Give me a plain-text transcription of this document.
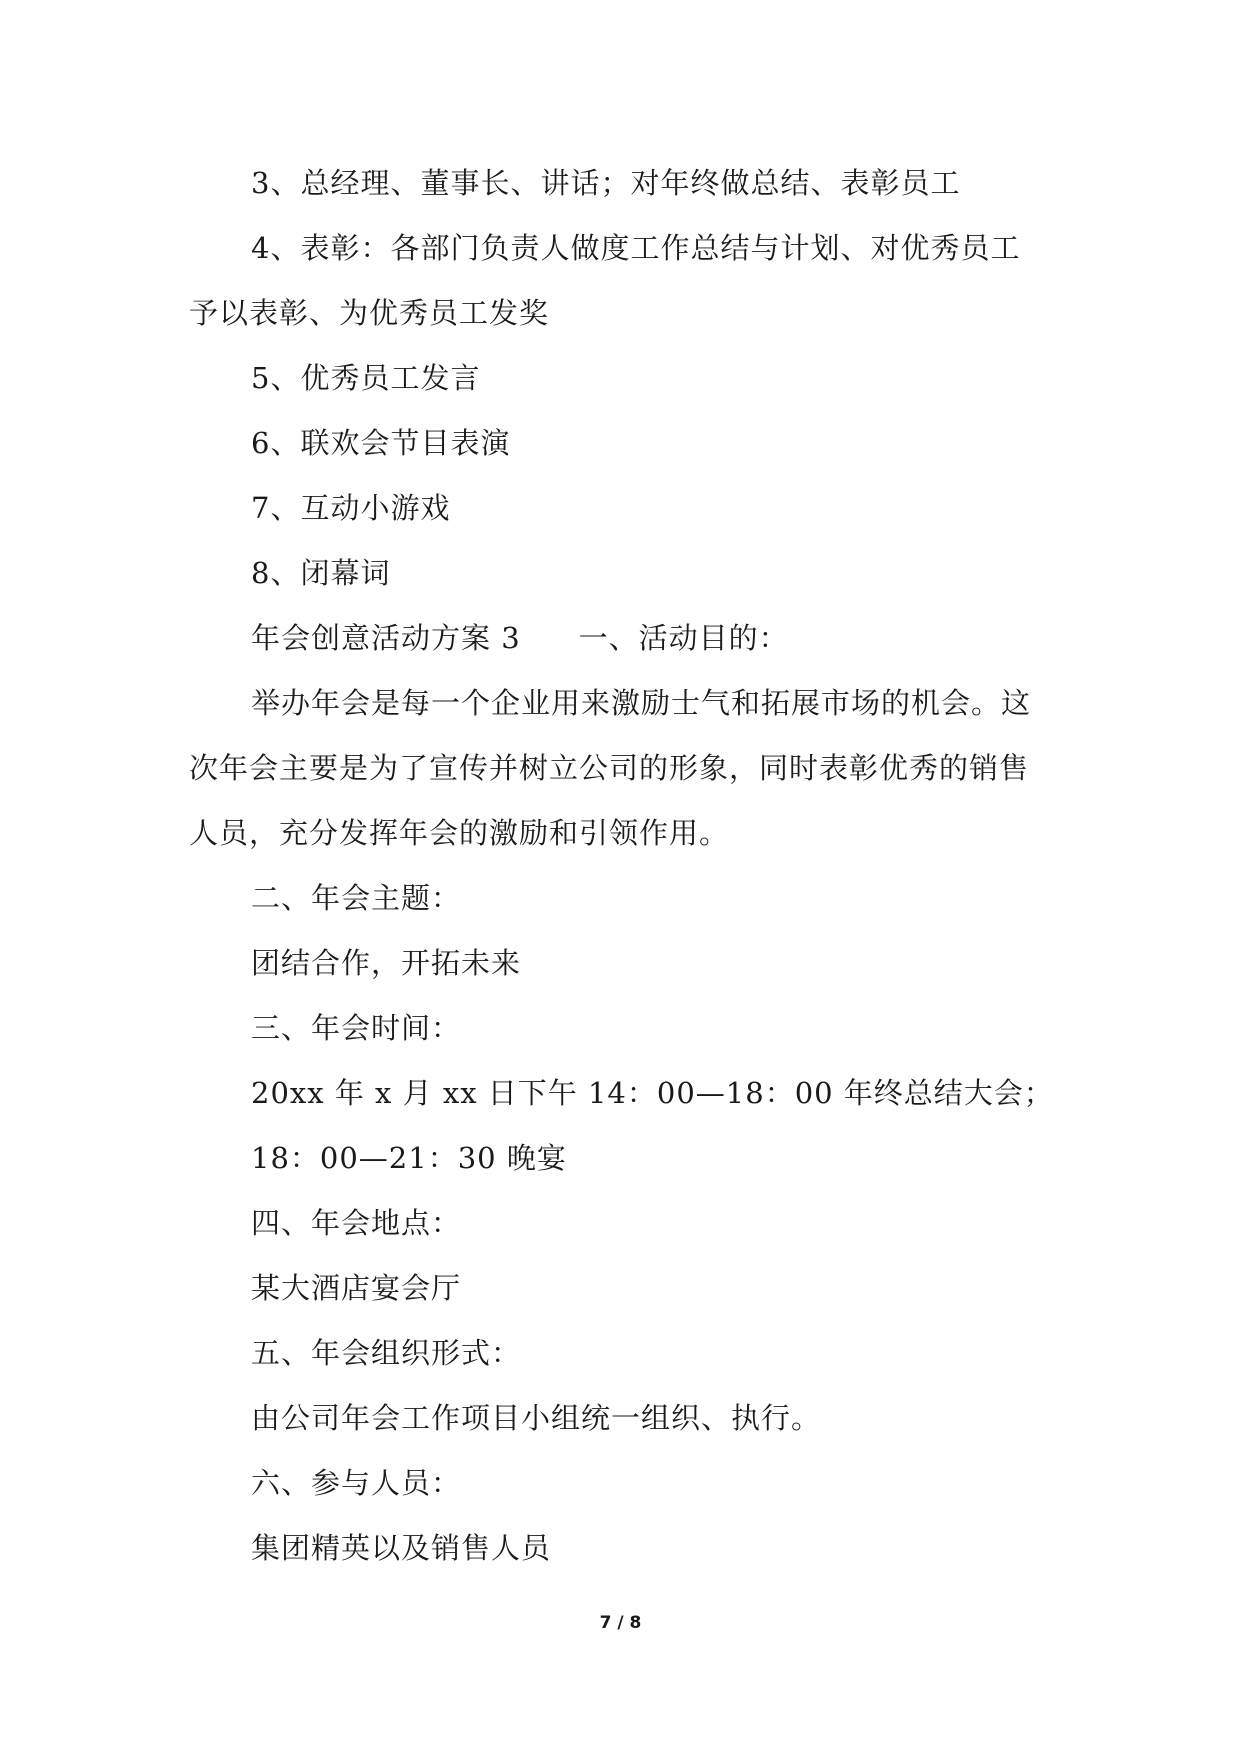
3、总经理、董事长、讲话；对年终做总结、表彰员工
4、表彰：各部门负责人做度工作总结与计划、对优秀员工
予以表彰、为优秀员工发奖
5、优秀员工发言
6、联欢会节目表演
7、互动小游戏
8、闭幕词
年会创意活动方案 3 一、活动目的：
举办年会是每一个企业用来激励士气和拓展市场的机会。这
次年会主要是为了宣传并树立公司的形象，同时表彰优秀的销售
人员，充分发挥年会的激励和引领作用。
二、年会主题：
团结合作，开拓未来
三、年会时间：
20xx 年 x 月 xx 日下午 14：00—18：00 年终总结大会；
18：00—21：30 晚宴
四、年会地点：
某大酒店宴会厅
五、年会组织形式：
由公司年会工作项目小组统一组织、执行。
六、参与人员：
集团精英以及销售人员
7 / 8
